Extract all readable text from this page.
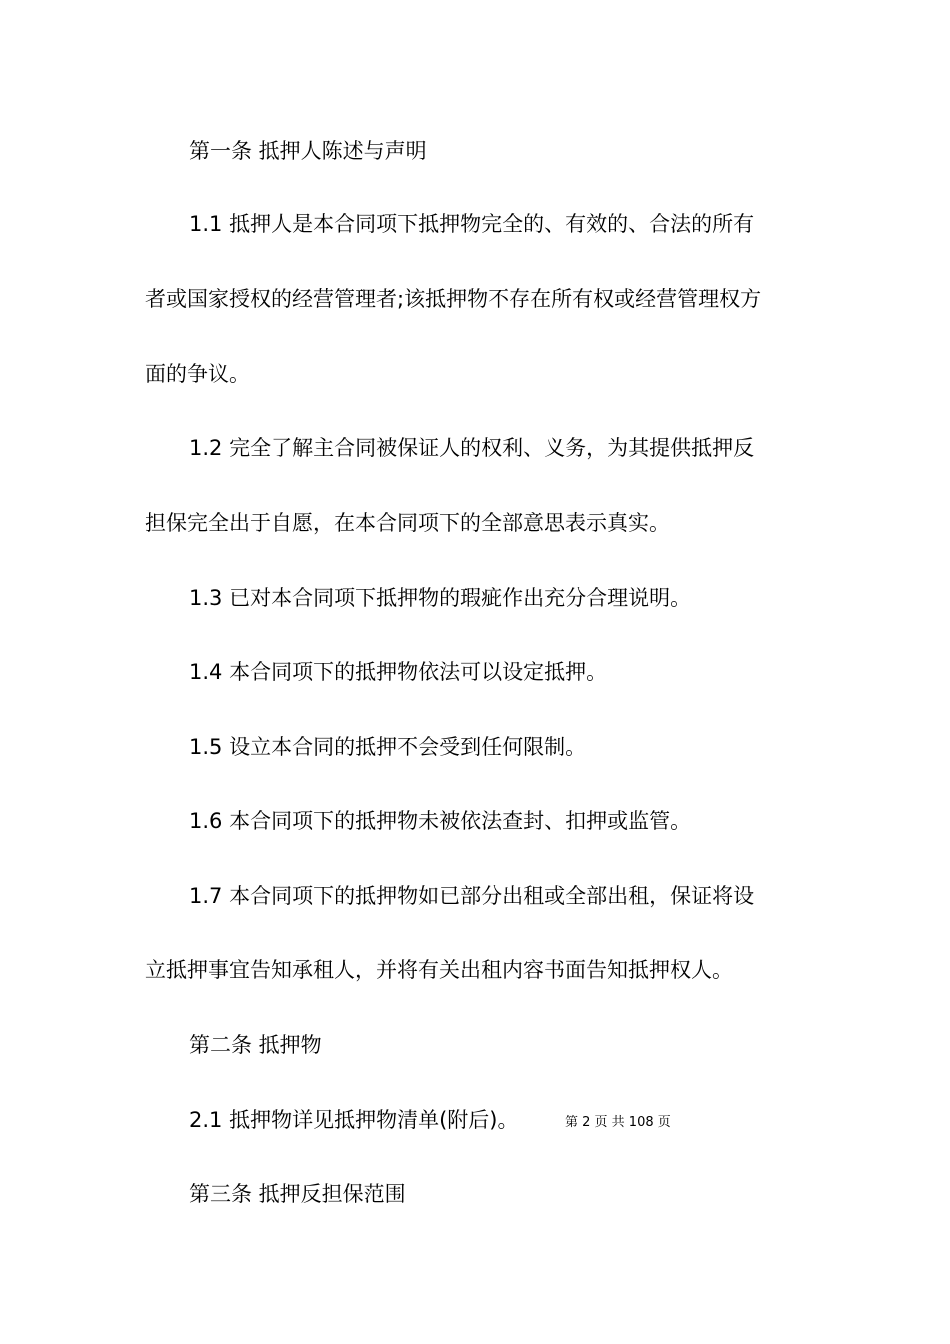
第一条 抵押人陈述与声明
1.1 抵押人是本合同项下抵押物完全的、有效的、合法的所有
者或国家授权的经营管理者;该抵押物不存在所有权或经营管理权方
面的争议。
1.2 完全了解主合同被保证人的权利、义务，为其提供抵押反
担保完全出于自愿，在本合同项下的全部意思表示真实。
1.3 已对本合同项下抵押物的瑕疵作出充分合理说明。
1.4 本合同项下的抵押物依法可以设定抵押。
1.5 设立本合同的抵押不会受到任何限制。
1.6 本合同项下的抵押物未被依法查封、扣押或监管。
1.7 本合同项下的抵押物如已部分出租或全部出租，保证将设
立抵押事宜告知承租人，并将有关出租内容书面告知抵押权人。
第二条 抵押物
2.1 抵押物详见抵押物清单(附后)。	第 2 页 共 108 页
第三条 抵押反担保范围
